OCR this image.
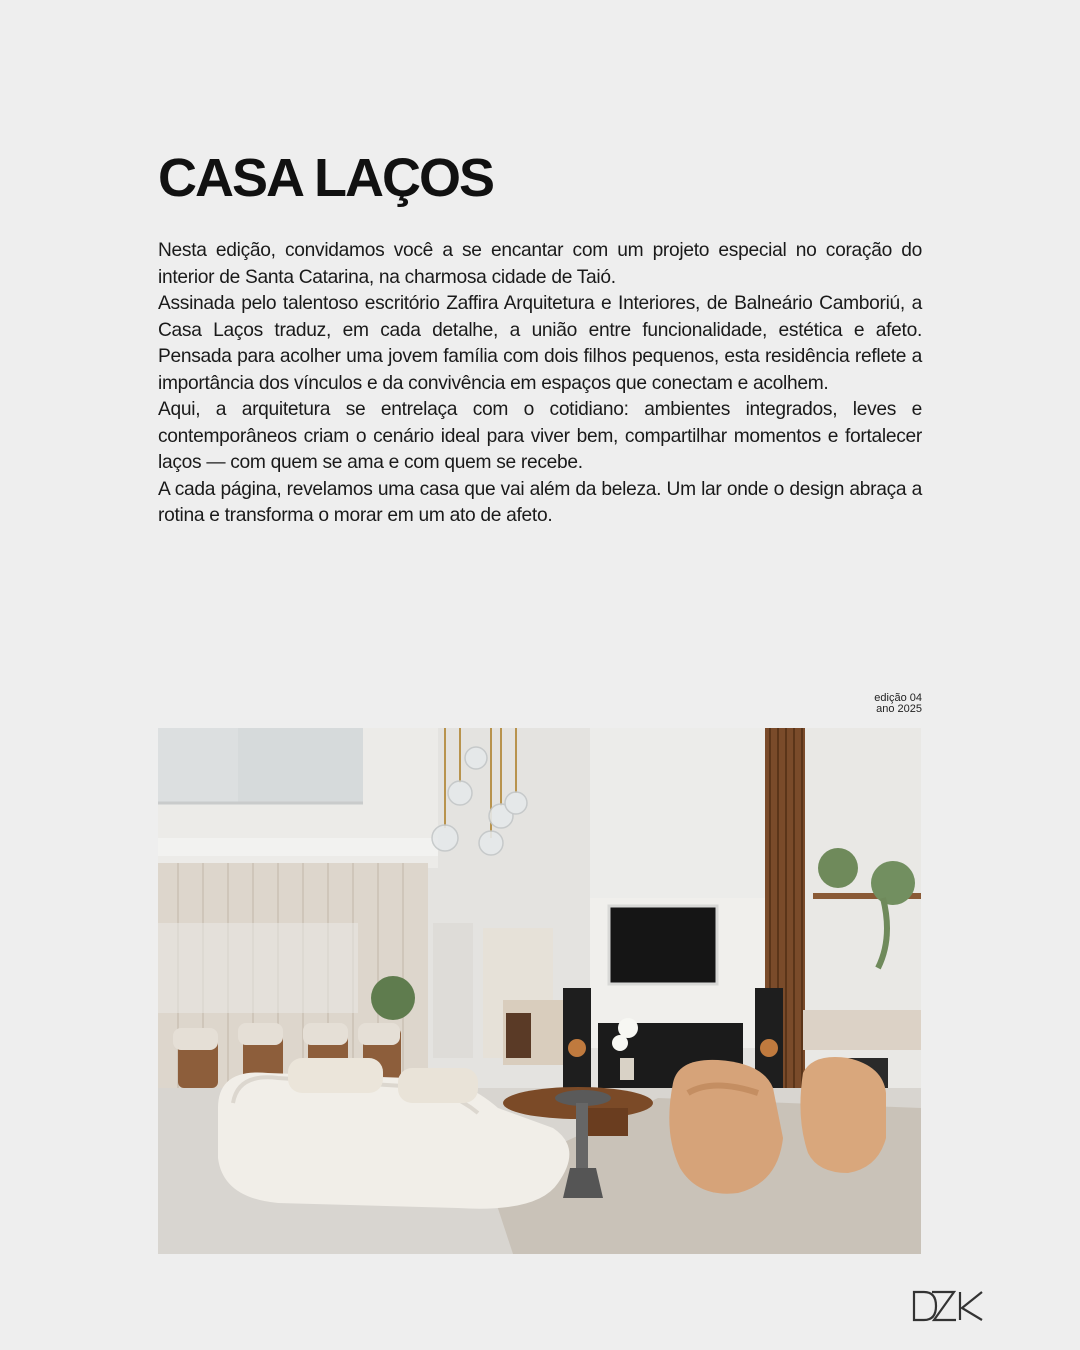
CASA LAÇOS

Nesta edição, convidamos você a se encantar com um projeto especial no coração do interior de Santa Catarina, na charmosa cidade de Taió.

Assinada pelo talentoso escritório Zaffira Arquitetura e Interiores, de Balneário Camboriú, a Casa Laços traduz, em cada detalhe, a união entre funcionalidade, estética e afeto. Pensada para acolher uma jovem família com dois filhos pequenos, esta residência reflete a importância dos vínculos e da convivência em espaços que conectam e acolhem.

Aqui, a arquitetura se entrelaça com o cotidiano: ambientes integrados, leves e contemporâneos criam o cenário ideal para viver bem, compartilhar momentos e fortalecer laços — com quem se ama e com quem se recebe.

A cada página, revelamos uma casa que vai além da beleza. Um lar onde o design abraça a rotina e transforma o morar em um ato de afeto.

edição 04
ano 2025
